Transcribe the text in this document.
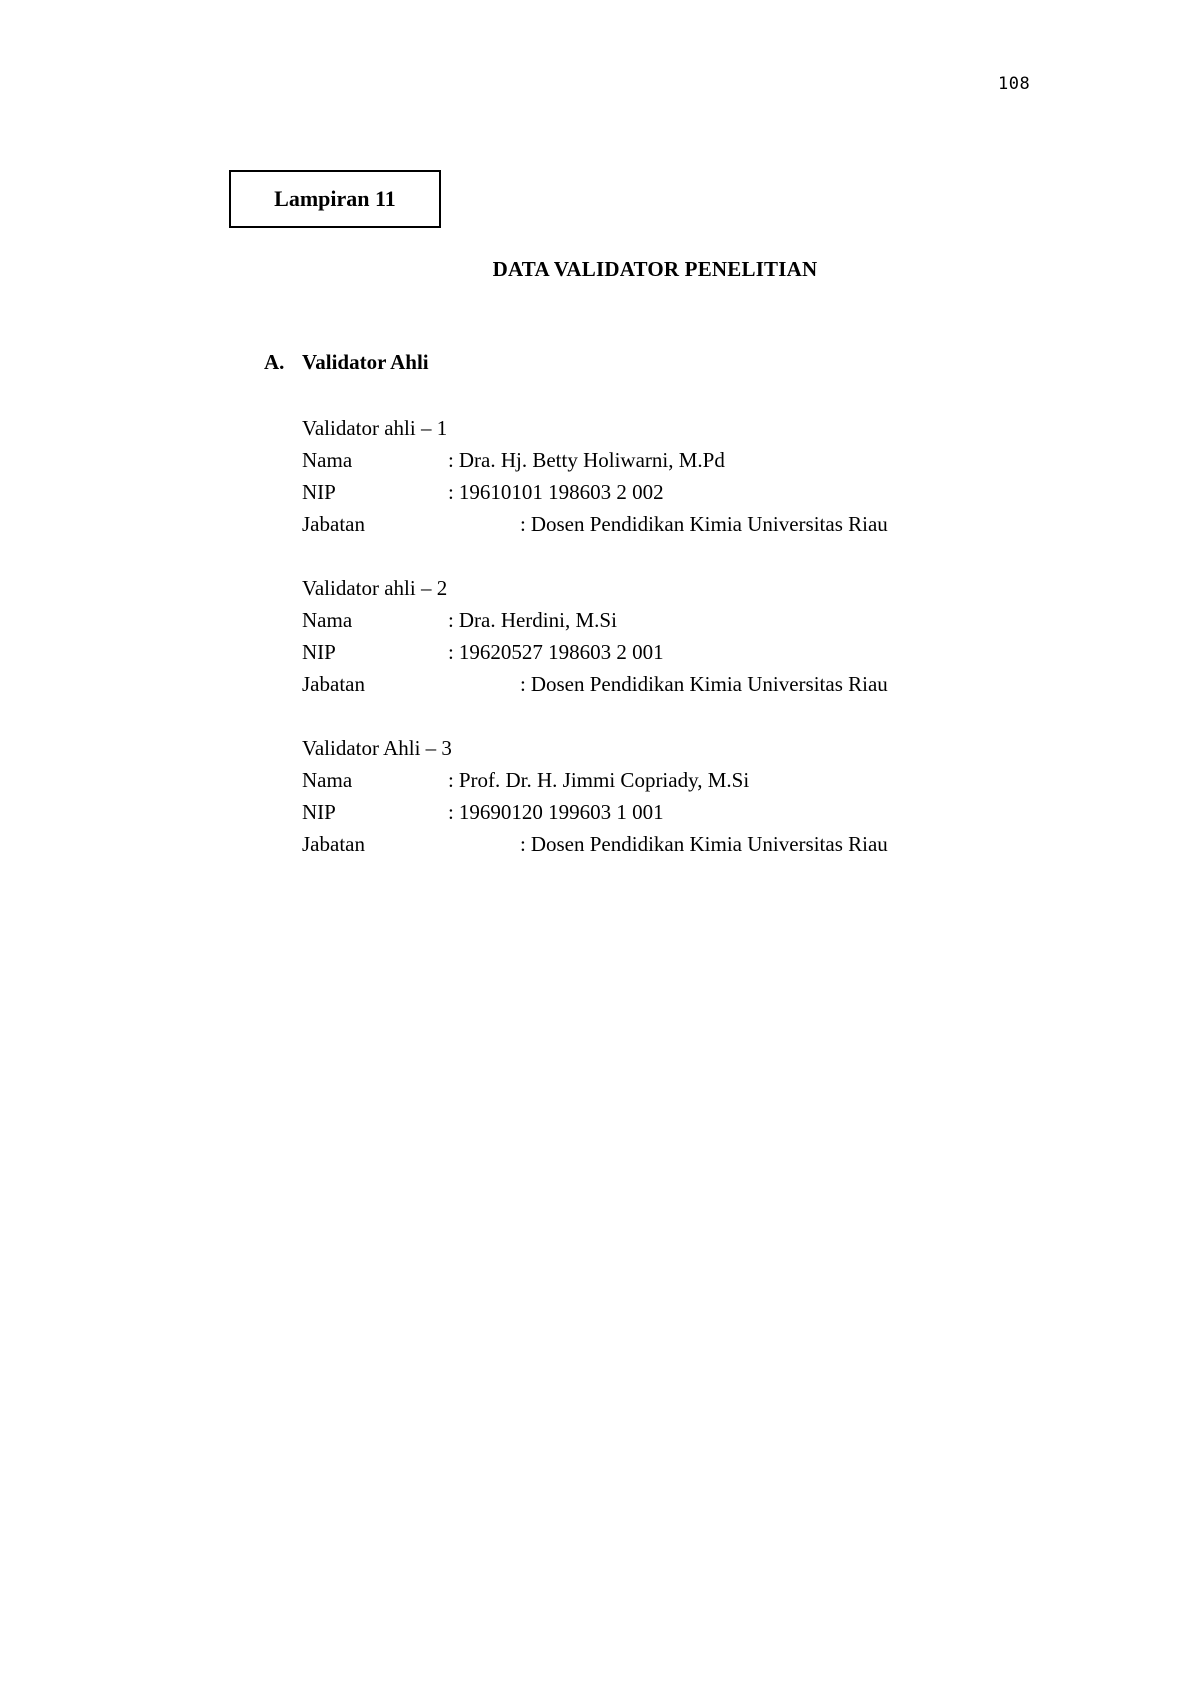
108
Lampiran 11
DATA VALIDATOR PENELITIAN
A. Validator Ahli
Validator ahli – 1
Nama	: Dra. Hj. Betty Holiwarni, M.Pd
NIP	: 19610101 198603 2 002
Jabatan	: Dosen Pendidikan Kimia Universitas Riau
Validator ahli – 2
Nama	: Dra. Herdini, M.Si
NIP	: 19620527 198603 2 001
Jabatan	: Dosen Pendidikan Kimia Universitas Riau
Validator Ahli – 3
Nama	: Prof. Dr. H. Jimmi Copriady, M.Si
NIP	: 19690120 199603 1 001
Jabatan	: Dosen Pendidikan Kimia Universitas Riau
